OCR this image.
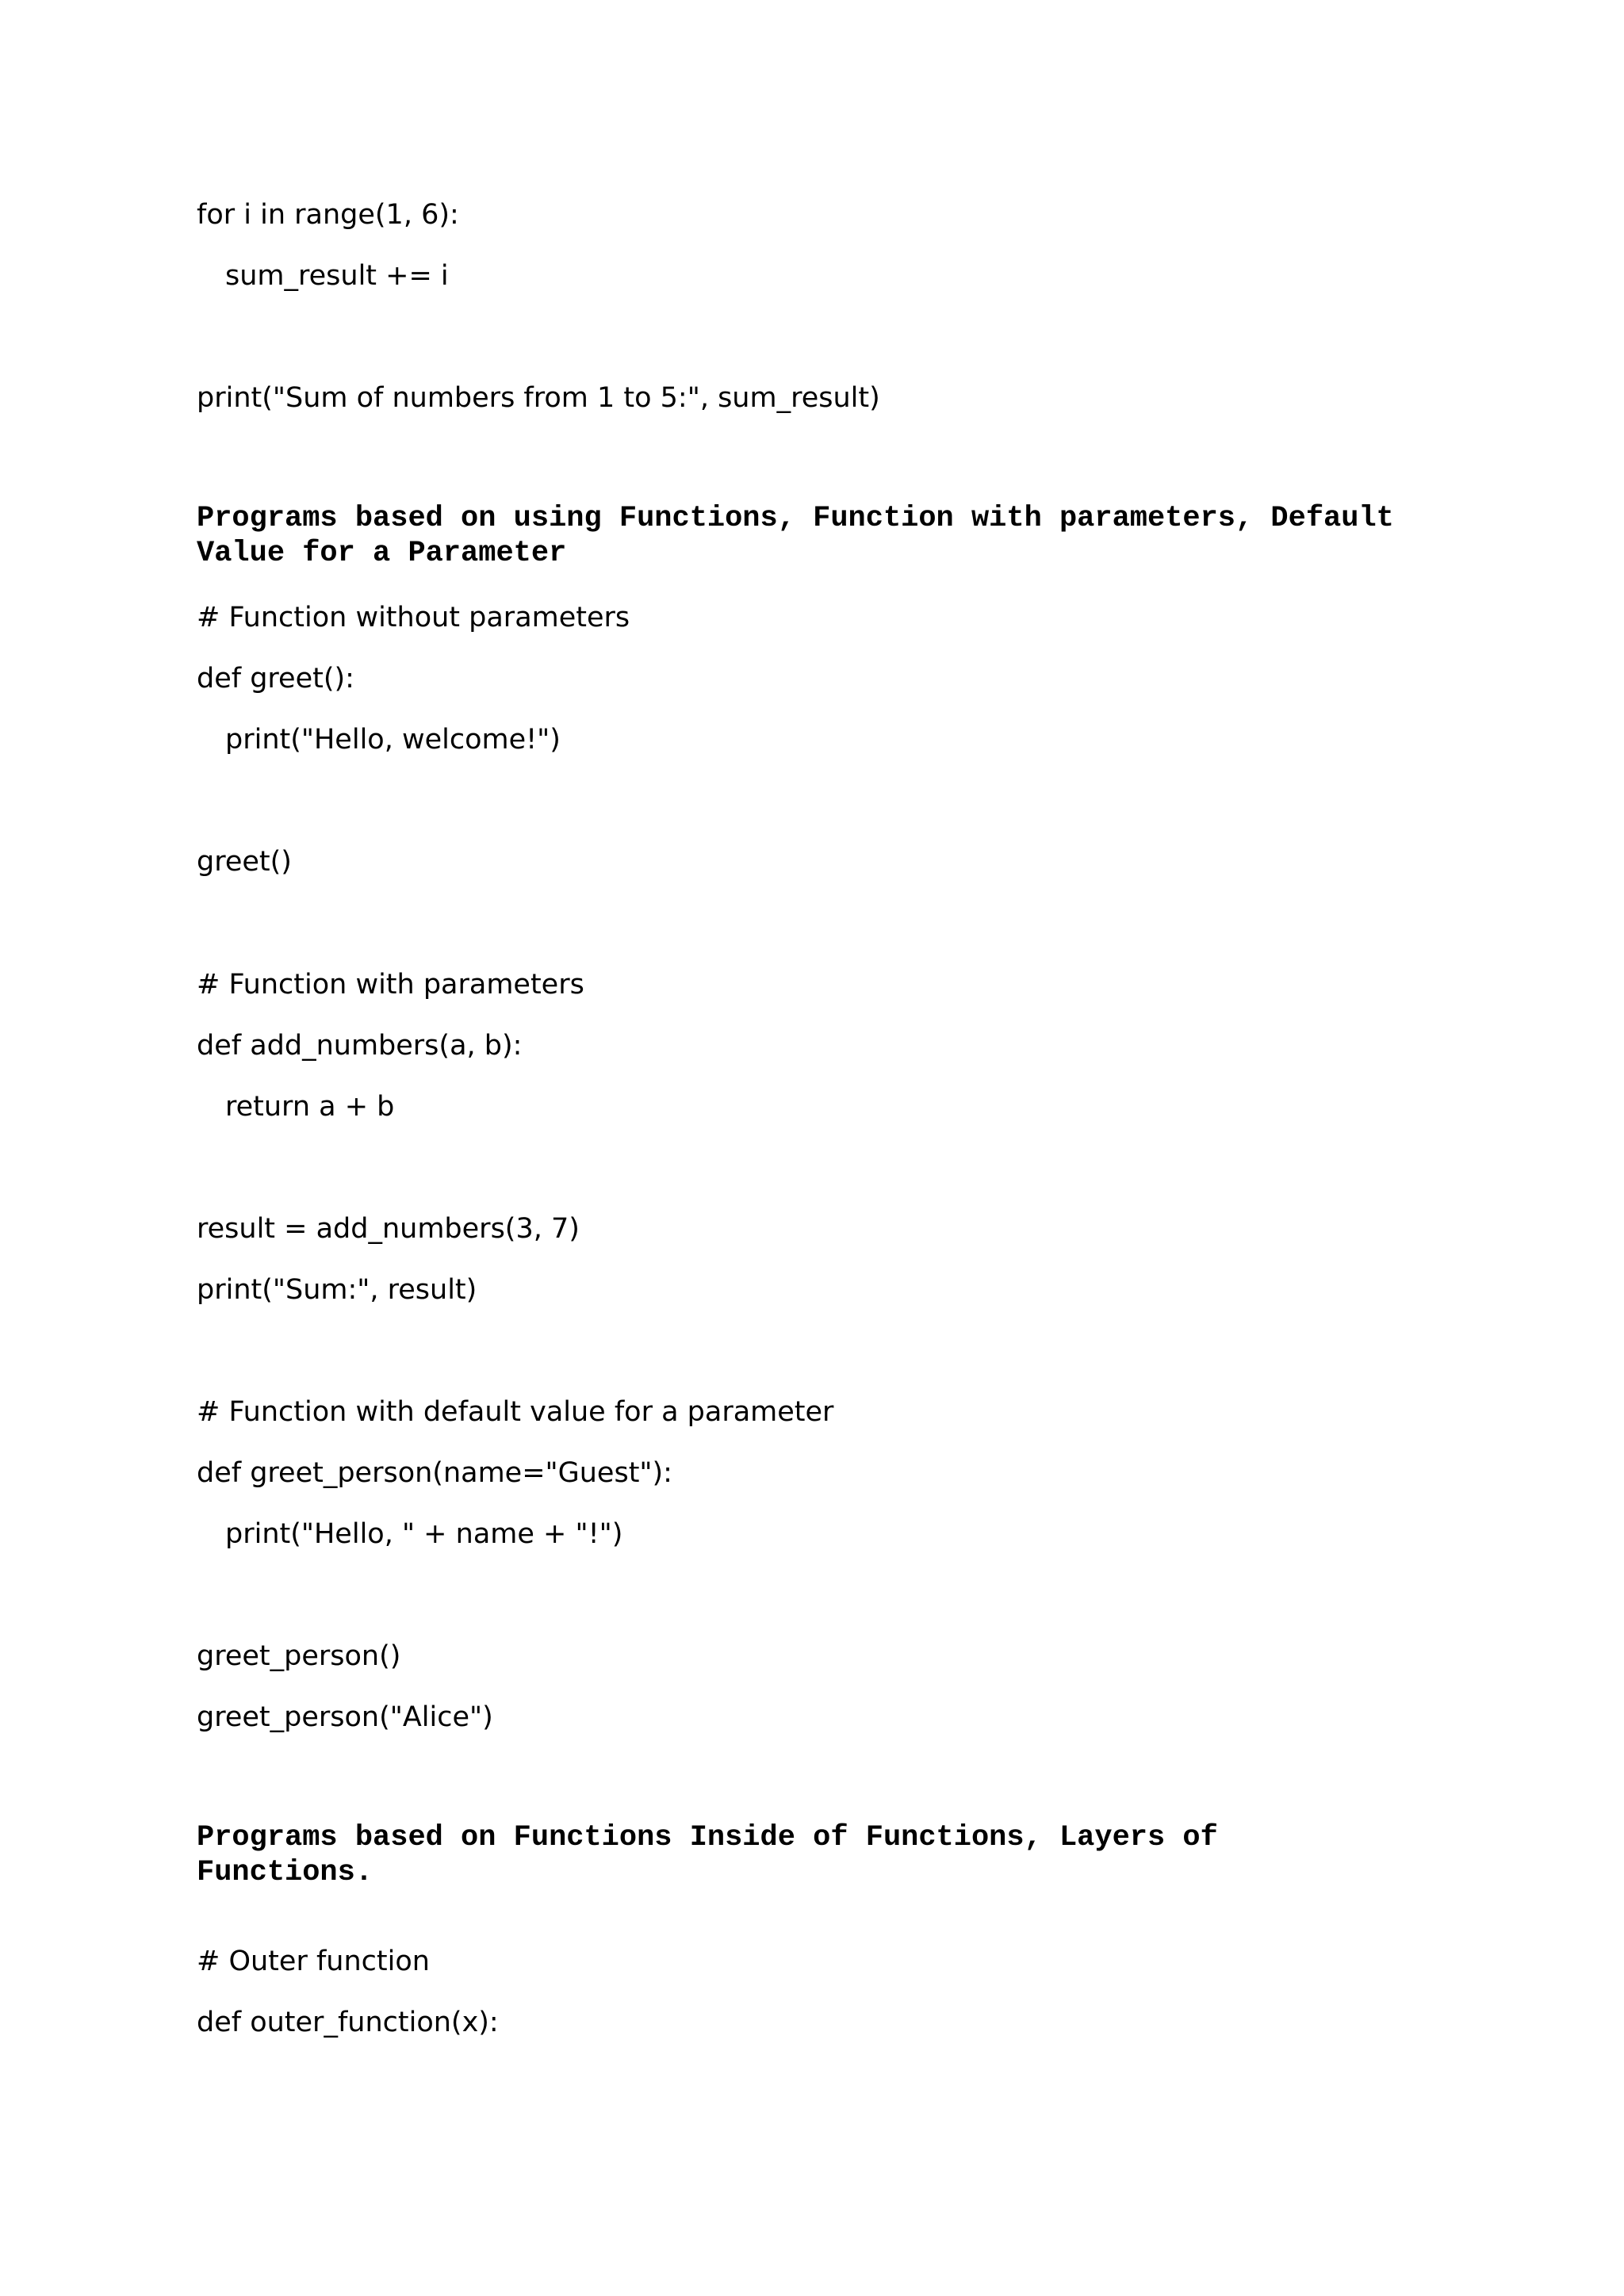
for i in range(1, 6):
sum_result += i
print("Sum of numbers from 1 to 5:", sum_result)
Programs based on using Functions, Function with parameters, Default
Value for a Parameter
# Function without parameters
def greet():
print("Hello, welcome!")
greet()
# Function with parameters
def add_numbers(a, b):
return a + b
result = add_numbers(3, 7)
print("Sum:", result)
# Function with default value for a parameter
def greet_person(name="Guest"):
print("Hello, " + name + "!")
greet_person()
greet_person("Alice")
Programs based on Functions Inside of Functions, Layers of
Functions.
# Outer function
def outer_function(x):
